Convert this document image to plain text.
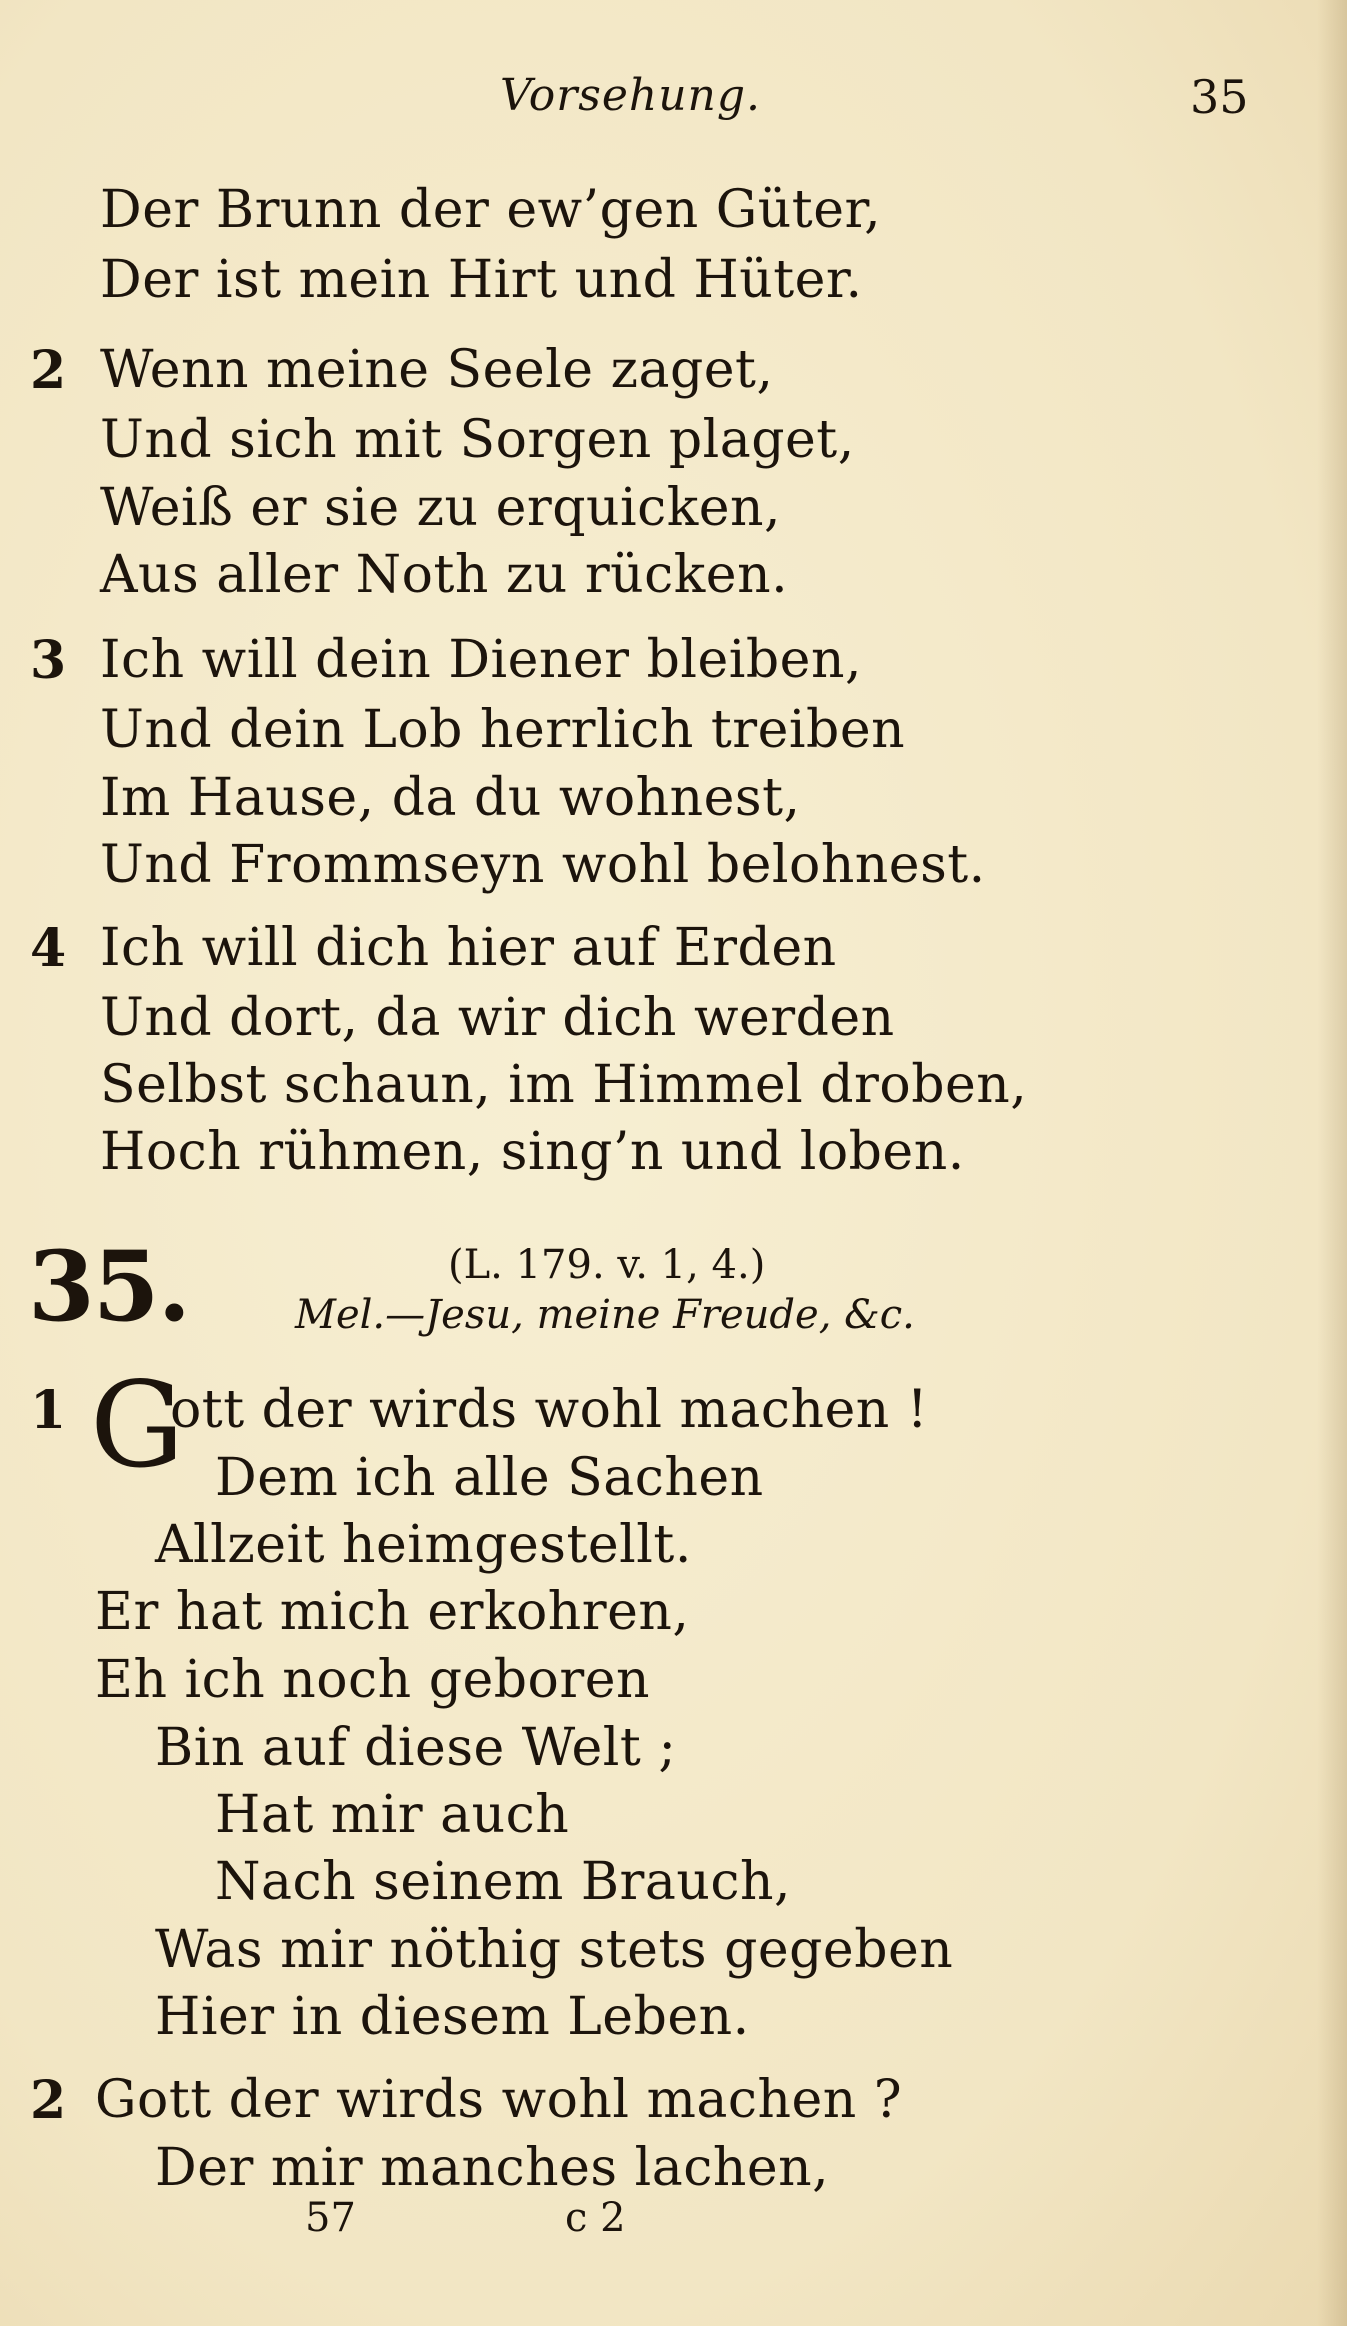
Vorsehung.	35
Der Brunn der ew’gen Güter,
Der ist mein Hirt und Hüter.
2 Wenn meine Seele zaget,
Und sich mit Sorgen plaget,
Weiß er sie zu erquicken,
Aus aller Noth zu rücken.
3 Ich will dein Diener bleiben,
Und dein Lob herrlich treiben
Im Hause, da du wohnest,
Und Frommseyn wohl belohnest.
4 Ich will dich hier auf Erden
Und dort, da wir dich werden
Selbst schaun, im Himmel droben,
Hoch rühmen, sing’n und loben.
35.	(L. 179. v. 1, 4.)
Mel.—Jesu, meine Freude, &c.
1 G
ott der wirds wohl machen !
Dem ich alle Sachen
Allzeit heimgestellt.
Er hat mich erkohren,
Eh ich noch geboren
Bin auf diese Welt ;
Hat mir auch
Nach seinem Brauch,
Was mir nöthig stets gegeben
Hier in diesem Leben.
2 Gott der wirds wohl machen ?
Der mir manches lachen,
57	c 2
